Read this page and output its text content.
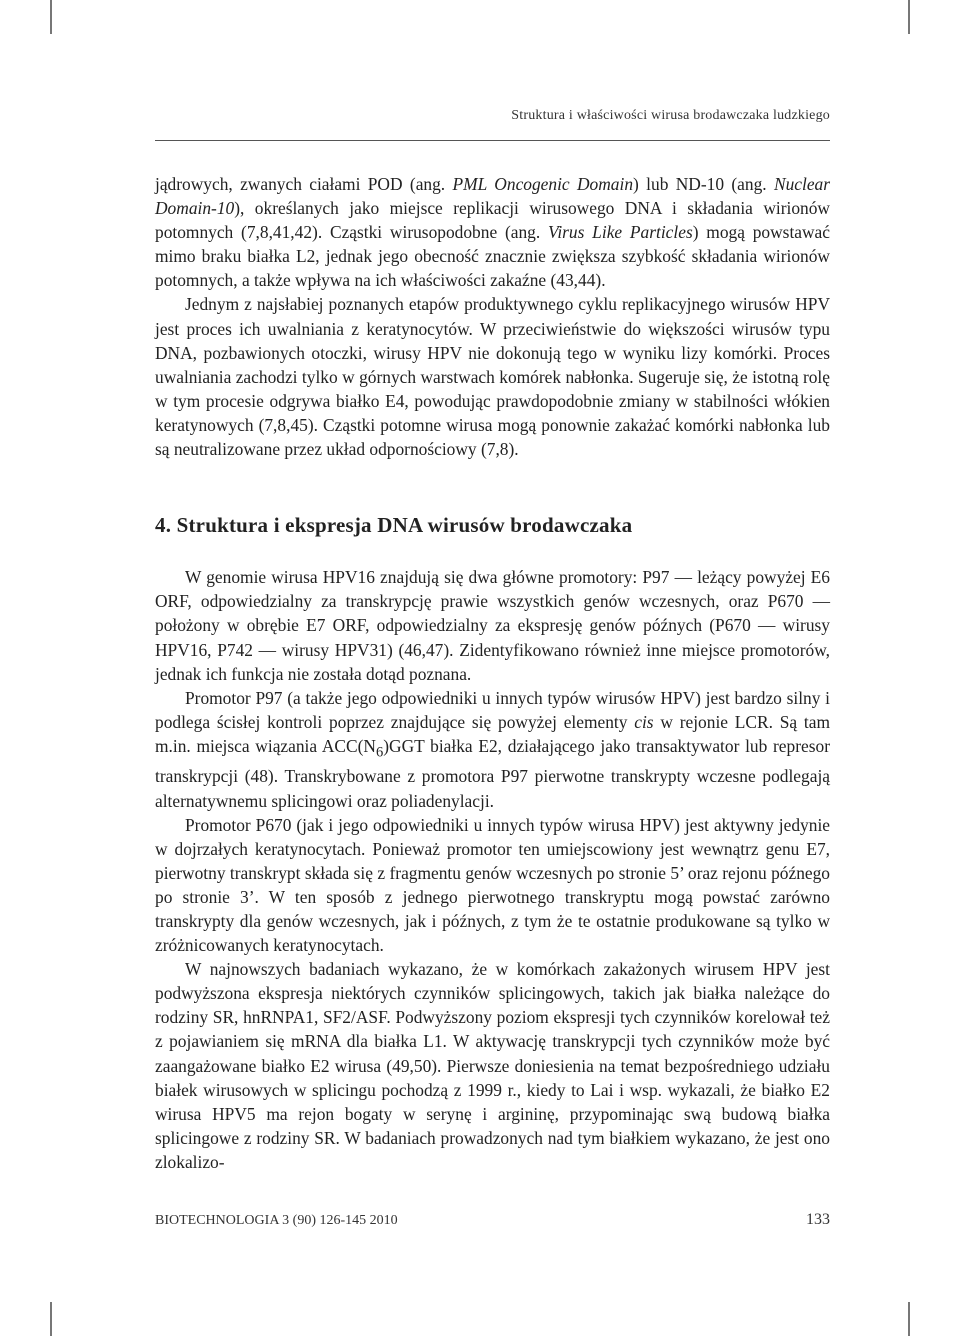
Struktura i właściwości wirusa brodawczaka ludzkiego

jądrowych, zwanych ciałami POD (ang. PML Oncogenic Domain) lub ND-10 (ang. Nuclear Domain-10), określanych jako miejsce replikacji wirusowego DNA i składania wirionów potomnych (7,8,41,42). Cząstki wirusopodobne (ang. Virus Like Particles) mogą powstawać mimo braku białka L2, jednak jego obecność znacznie zwiększa szybkość składania wirionów potomnych, a także wpływa na ich właściwości zakaźne (43,44).

Jednym z najsłabiej poznanych etapów produktywnego cyklu replikacyjnego wirusów HPV jest proces ich uwalniania z keratynocytów. W przeciwieństwie do większości wirusów typu DNA, pozbawionych otoczki, wirusy HPV nie dokonują tego w wyniku lizy komórki. Proces uwalniania zachodzi tylko w górnych warstwach komórek nabłonka. Sugeruje się, że istotną rolę w tym procesie odgrywa białko E4, powodując prawdopodobnie zmiany w stabilności włókien keratynowych (7,8,45). Cząstki potomne wirusa mogą ponownie zakażać komórki nabłonka lub są neutralizowane przez układ odpornościowy (7,8).

4. Struktura i ekspresja DNA wirusów brodawczaka

W genomie wirusa HPV16 znajdują się dwa główne promotory: P97 — leżący powyżej E6 ORF, odpowiedzialny za transkrypcję prawie wszystkich genów wczesnych, oraz P670 — położony w obrębie E7 ORF, odpowiedzialny za ekspresję genów późnych (P670 — wirusy HPV16, P742 — wirusy HPV31) (46,47). Zidentyfikowano również inne miejsce promotorów, jednak ich funkcja nie została dotąd poznana.

Promotor P97 (a także jego odpowiedniki u innych typów wirusów HPV) jest bardzo silny i podlega ścisłej kontroli poprzez znajdujące się powyżej elementy cis w rejonie LCR. Są tam m.in. miejsca wiązania $ACC(N_6)GGT$ białka E2, działającego jako transaktywator lub represor transkrypcji (48). Transkrybowane z promotora P97 pierwotne transkrypty wczesne podlegają alternatywnemu splicingowi oraz poliadenylacji.

Promotor P670 (jak i jego odpowiedniki u innych typów wirusa HPV) jest aktywny jedynie w dojrzałych keratynocytach. Ponieważ promotor ten umiejscowiony jest wewnątrz genu E7, pierwotny transkrypt składa się z fragmentu genów wczesnych po stronie 5’ oraz rejonu późnego po stronie 3’. W ten sposób z jednego pierwotnego transkryptu mogą powstać zarówno transkrypty dla genów wczesnych, jak i późnych, z tym że te ostatnie produkowane są tylko w zróżnicowanych keratynocytach.

W najnowszych badaniach wykazano, że w komórkach zakażonych wirusem HPV jest podwyższona ekspresja niektórych czynników splicingowych, takich jak białka należące do rodziny SR, hnRNPA1, SF2/ASF. Podwyższony poziom ekspresji tych czynników korelował też z pojawianiem się mRNA dla białka L1. W aktywację transkrypcji tych czynników może być zaangażowane białko E2 wirusa (49,50). Pierwsze doniesienia na temat bezpośredniego udziału białek wirusowych w splicingu pochodzą z 1999 r., kiedy to Lai i wsp. wykazali, że białko E2 wirusa HPV5 ma rejon bogaty w serynę i argininę, przypominając swą budową białka splicingowe z rodziny SR. W badaniach prowadzonych nad tym białkiem wykazano, że jest ono zlokalizo-

BIOTECHNOLOGIA 3 (90) 126-145 2010	133
